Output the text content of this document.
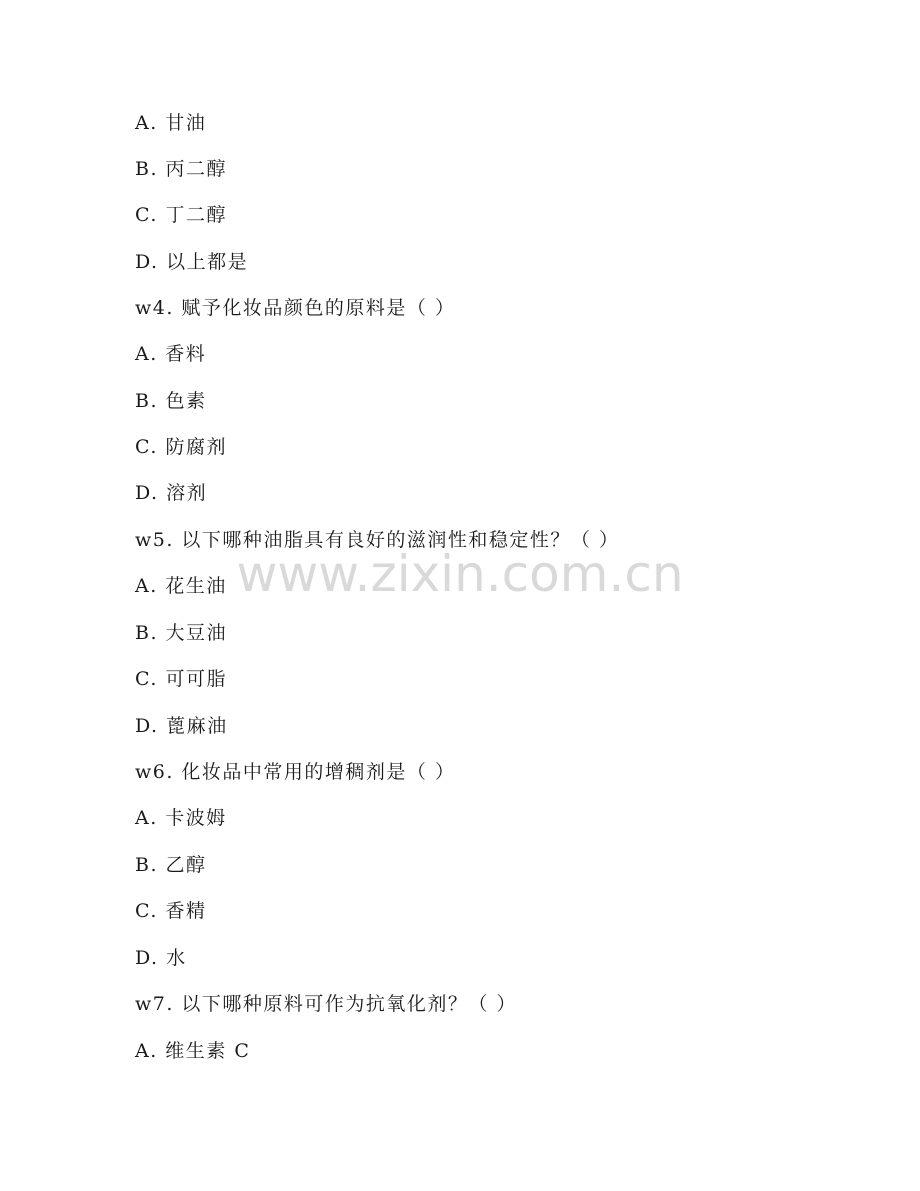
www.zixin.com.cn
A. 甘油
B. 丙二醇
C. 丁二醇
D. 以上都是
w4. 赋予化妆品颜色的原料是（ ）
A. 香料
B. 色素
C. 防腐剂
D. 溶剂
w5. 以下哪种油脂具有良好的滋润性和稳定性？（ ）
A. 花生油
B. 大豆油
C. 可可脂
D. 蓖麻油
w6. 化妆品中常用的增稠剂是（ ）
A. 卡波姆
B. 乙醇
C. 香精
D. 水
w7. 以下哪种原料可作为抗氧化剂？（ ）
A. 维生素 C
